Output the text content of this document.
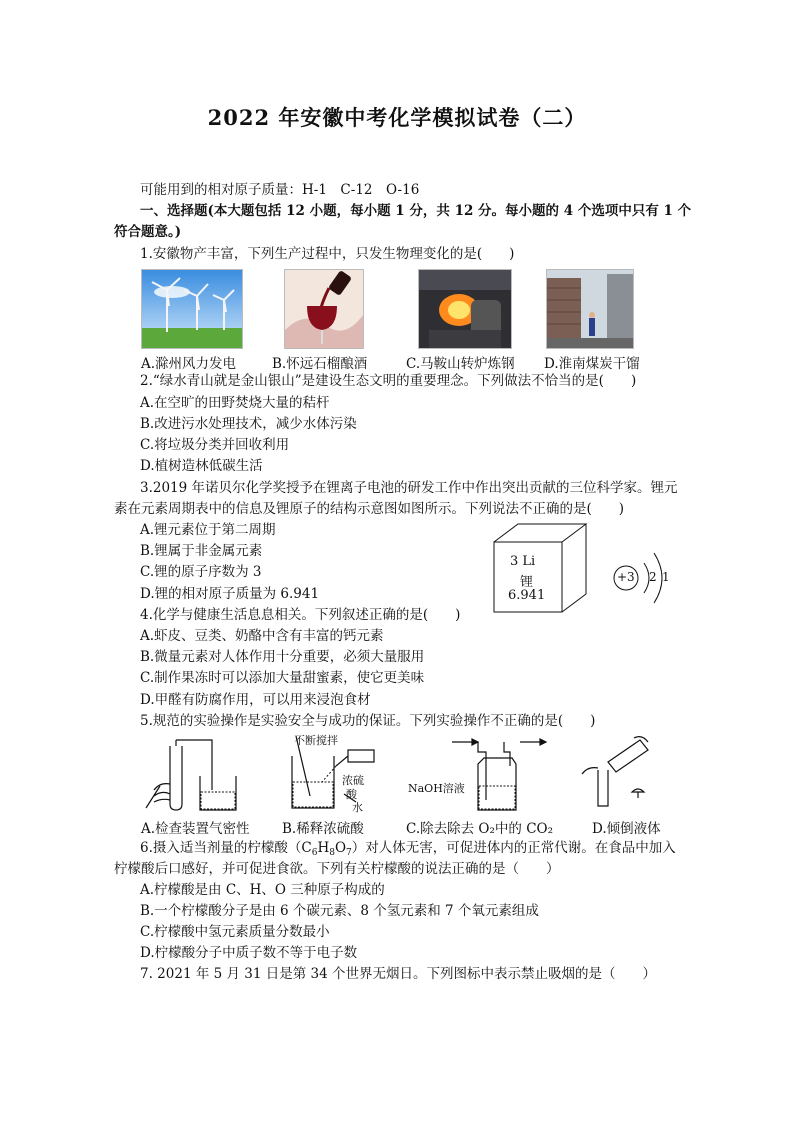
2022 年安徽中考化学模拟试卷（二）
可能用到的相对原子质量：H-1　C-12　O-16
一、选择题(本大题包括 12 小题，每小题 1 分，共 12 分。每小题的 4 个选项中只有 1 个
符合题意。)
1.安徽物产丰富，下列生产过程中，只发生物理变化的是(　　)
A.滁州风力发电	B.怀远石榴酿酒	C.马鞍山转炉炼钢 D.淮南煤炭干馏
2.“绿水青山就是金山银山”是建设生态文明的重要理念。下列做法不恰当的是(　　)
A.在空旷的田野焚烧大量的秸杆
B.改进污水处理技术，减少水体污染
C.将垃圾分类并回收利用
D.植树造林低碳生活
3.2019 年诺贝尔化学奖授予在锂离子电池的研发工作中作出突出贡献的三位科学家。锂元
素在元素周期表中的信息及锂原子的结构示意图如图所示。下列说法不正确的是(　　)
A.锂元素位于第二周期
B.锂属于非金属元素
C.锂的原子序数为 3
D.锂的相对原子质量为 6.941
3 Li
锂
6.941
+3 2 1
4.化学与健康生活息息相关。下列叙述正确的是(　　)
A.虾皮、豆类、奶酪中含有丰富的钙元素
B.微量元素对人体作用十分重要，必须大量服用
C.制作果冻时可以添加大量甜蜜素，使它更美味
D.甲醛有防腐作用，可以用来浸泡食材
5.规范的实验操作是实验安全与成功的保证。下列实验操作不正确的是(　　)
不断搅拌
浓硫
酸
水
NaOH溶液
A.检查装置气密性 B.稀释浓硫酸	C.除去除去 O₂中的 CO₂	D.倾倒液体
6.摄入适当剂量的柠檬酸$(C_6H_8O_7)$对人体无害，可促进体内的正常代谢。在食品中加入
柠檬酸后口感好，并可促进食欲。下列有关柠檬酸的说法正确的是（　　）
A.柠檬酸是由 C、H、O 三种原子构成的
B.一个柠檬酸分子是由 6 个碳元素、8 个氢元素和 7 个氧元素组成
C.柠檬酸中氢元素质量分数最小
D.柠檬酸分子中质子数不等于电子数
7. 2021 年 5 月 31 日是第 34 个世界无烟日。下列图标中表示禁止吸烟的是（　　）
